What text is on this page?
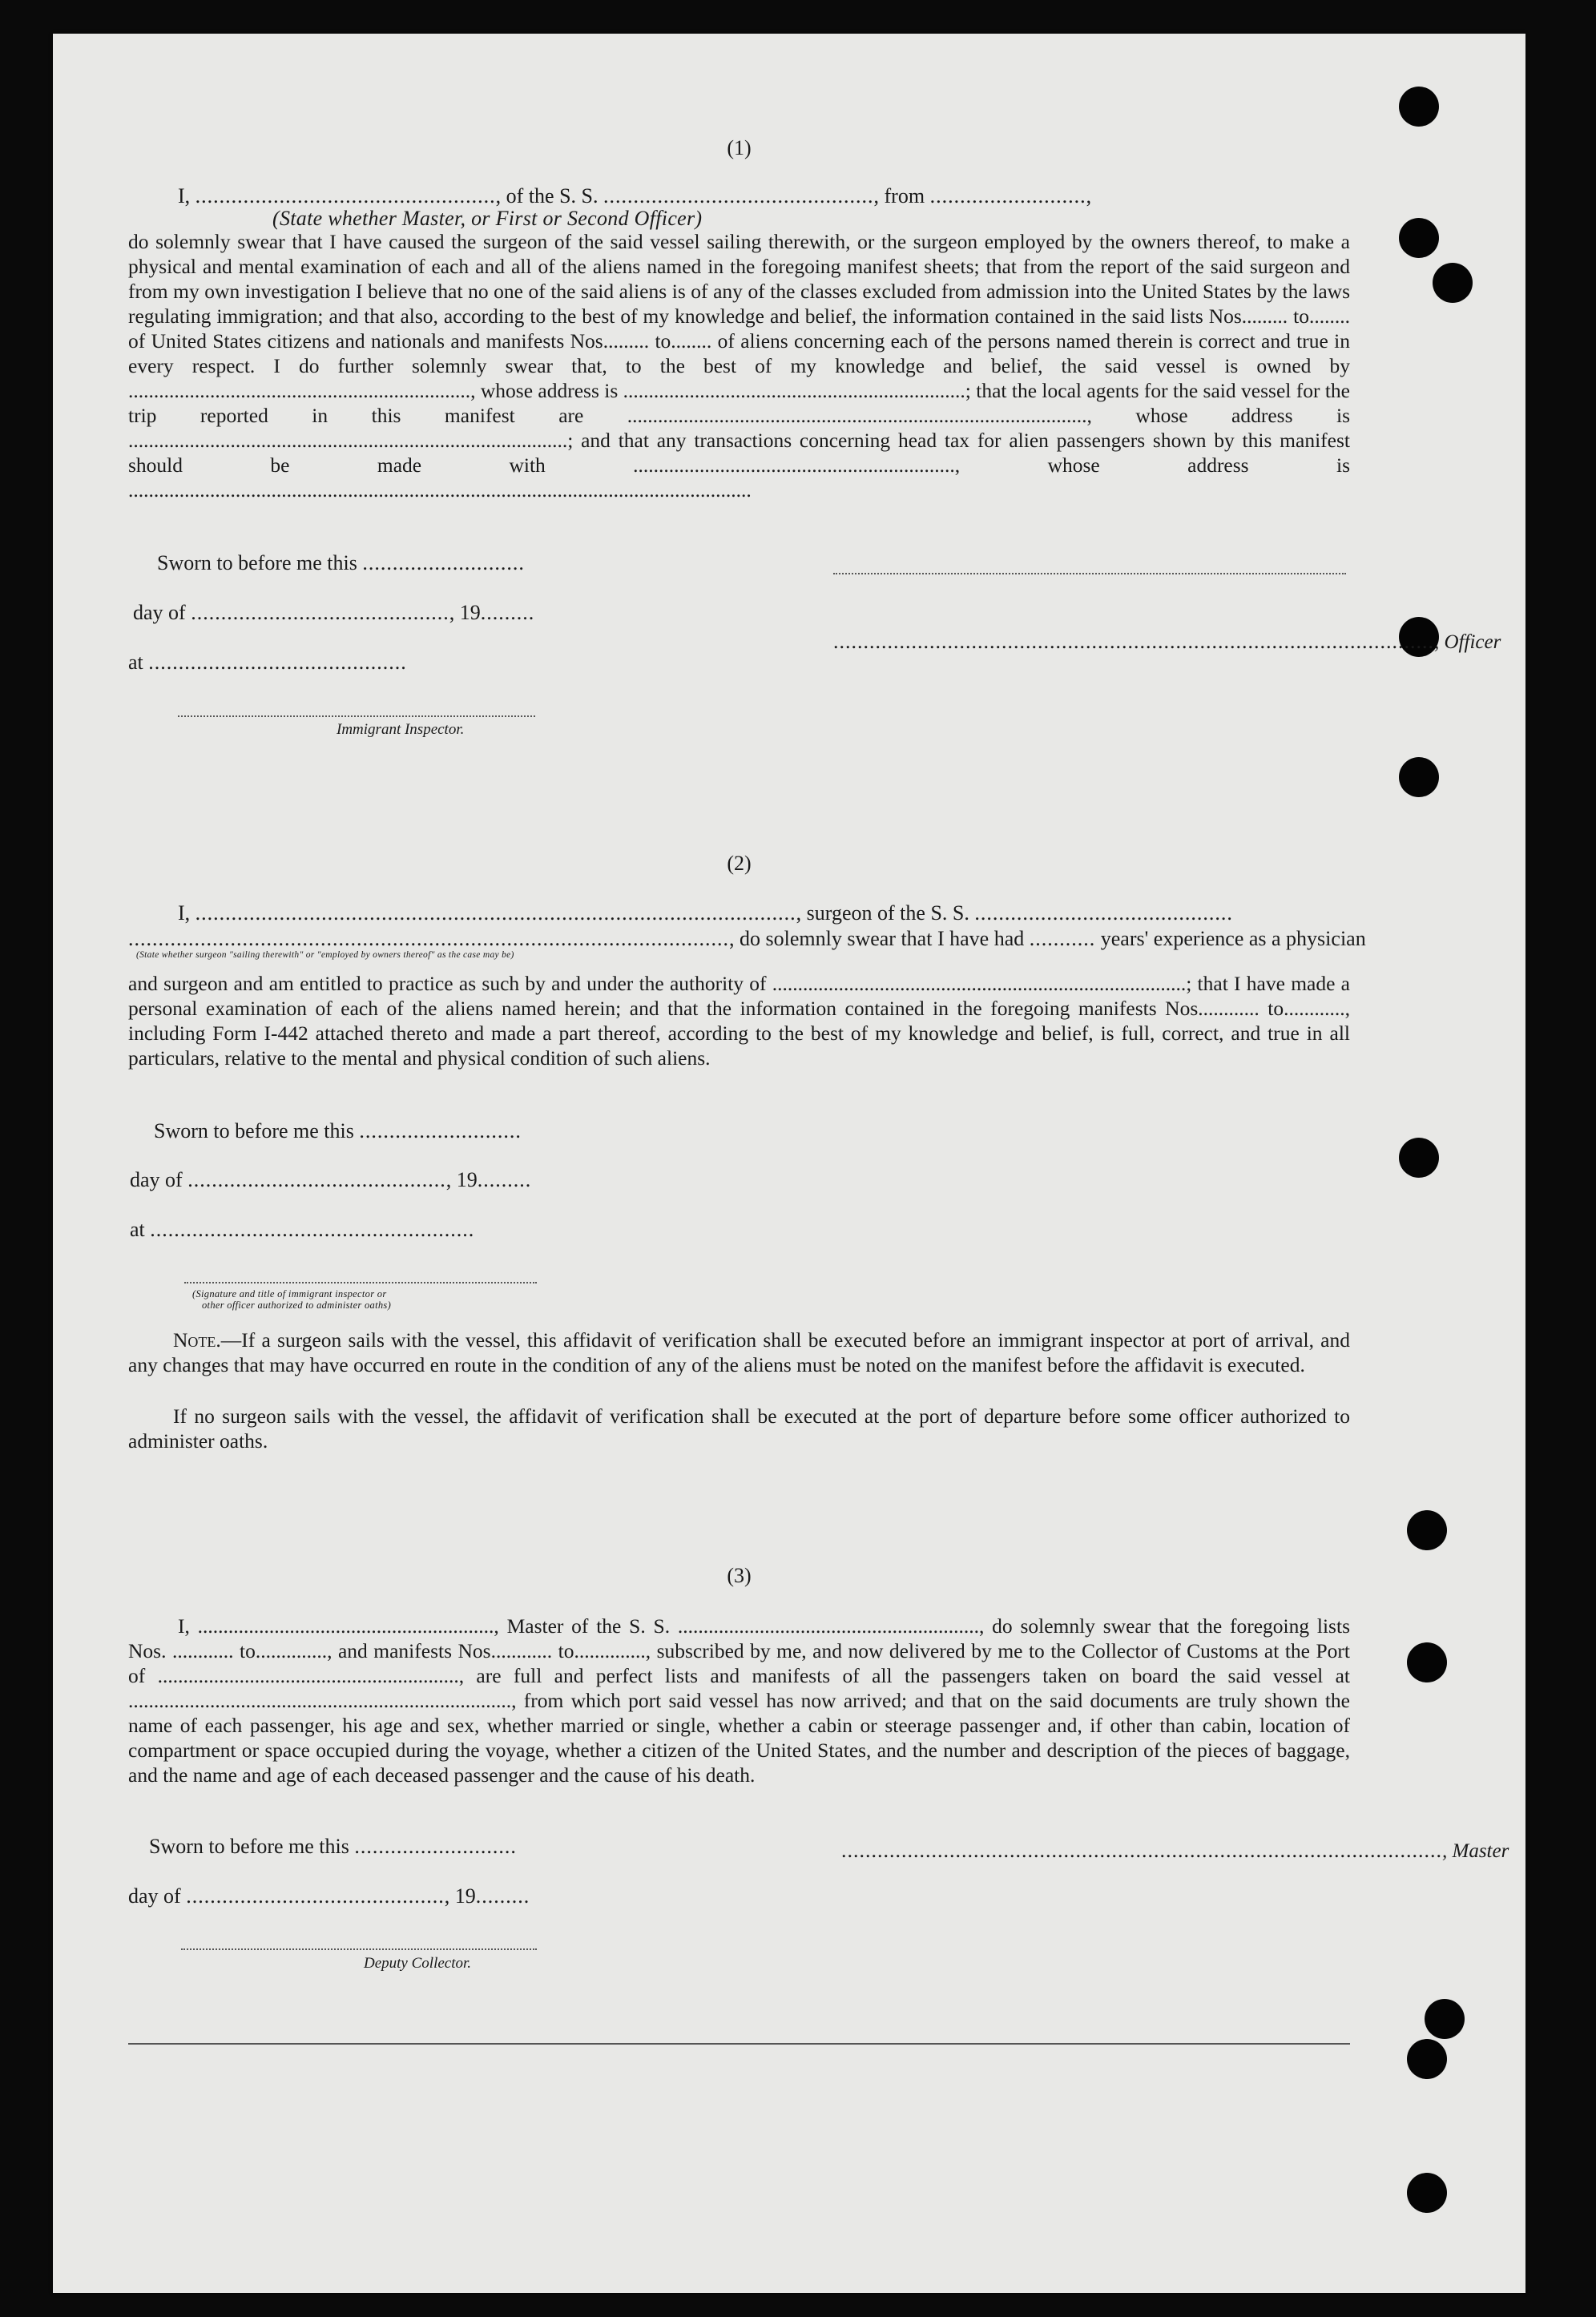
(1)
I, .................................................., of the S. S. ............................................., from ..........................,
(State whether Master, or First or Second Officer)
do solemnly swear that I have caused the surgeon of the said vessel sailing therewith, or the surgeon employed by the owners thereof, to make a physical and mental examination of each and all of the aliens named in the foregoing manifest sheets; that from the report of the said surgeon and from my own investigation I believe that no one of the said aliens is of any of the classes excluded from admission into the United States by the laws regulating immigration; and that also, according to the best of my knowledge and belief, the information contained in the said lists Nos......... to........ of United States citizens and nationals and manifests Nos......... to........ of aliens concerning each of the persons named therein is correct and true in every respect. I do further solemnly swear that, to the best of my knowledge and belief, the said vessel is owned by ..................................................................., whose address is ...................................................................; that the local agents for the said vessel for the trip reported in this manifest are .........................................................................................., whose address is ......................................................................................; and that any transactions concerning head tax for alien passengers shown by this manifest should be made with ..............................................................., whose address is ..........................................................................................................................
Sworn to before me this ...........................
day of ..........................................., 19.........
...................................................................................................., Officer
at ...........................................
Immigrant Inspector.
(2)
I, ...................................................................................................., surgeon of the S. S. ...........................................
...................................................................................................., do solemnly swear that I have had ........... years' experience as a physician
(State whether surgeon "sailing therewith" or "employed by owners thereof" as the case may be)
and surgeon and am entitled to practice as such by and under the authority of .................................................................................; that I have made a personal examination of each of the aliens named herein; and that the information contained in the foregoing manifests Nos............ to............, including Form I-442 attached thereto and made a part thereof, according to the best of my knowledge and belief, is full, correct, and true in all particulars, relative to the mental and physical condition of such aliens.
Sworn to before me this ...........................
day of ..........................................., 19.........
at ......................................................
(Signature and title of immigrant inspector or
other officer authorized to administer oaths)
Note.—If a surgeon sails with the vessel, this affidavit of verification shall be executed before an immigrant inspector at port of arrival, and any changes that may have occurred en route in the condition of any of the aliens must be noted on the manifest before the affidavit is executed.
If no surgeon sails with the vessel, the affidavit of verification shall be executed at the port of departure before some officer authorized to administer oaths.
(3)
I, .........................................................., Master of the S. S. ..........................................................., do solemnly swear that the foregoing lists Nos. ............ to.............., and manifests Nos............ to.............., subscribed by me, and now delivered by me to the Collector of Customs at the Port of ..........................................................., are full and perfect lists and manifests of all the passengers taken on board the said vessel at ..........................................................................., from which port said vessel has now arrived; and that on the said documents are truly shown the name of each passenger, his age and sex, whether married or single, whether a cabin or steerage passenger and, if other than cabin, location of compartment or space occupied during the voyage, whether a citizen of the United States, and the number and description of the pieces of baggage, and the name and age of each deceased passenger and the cause of his death.
Sworn to before me this ...........................	...................................................................................................., Master
day of ..........................................., 19.........
Deputy Collector.
